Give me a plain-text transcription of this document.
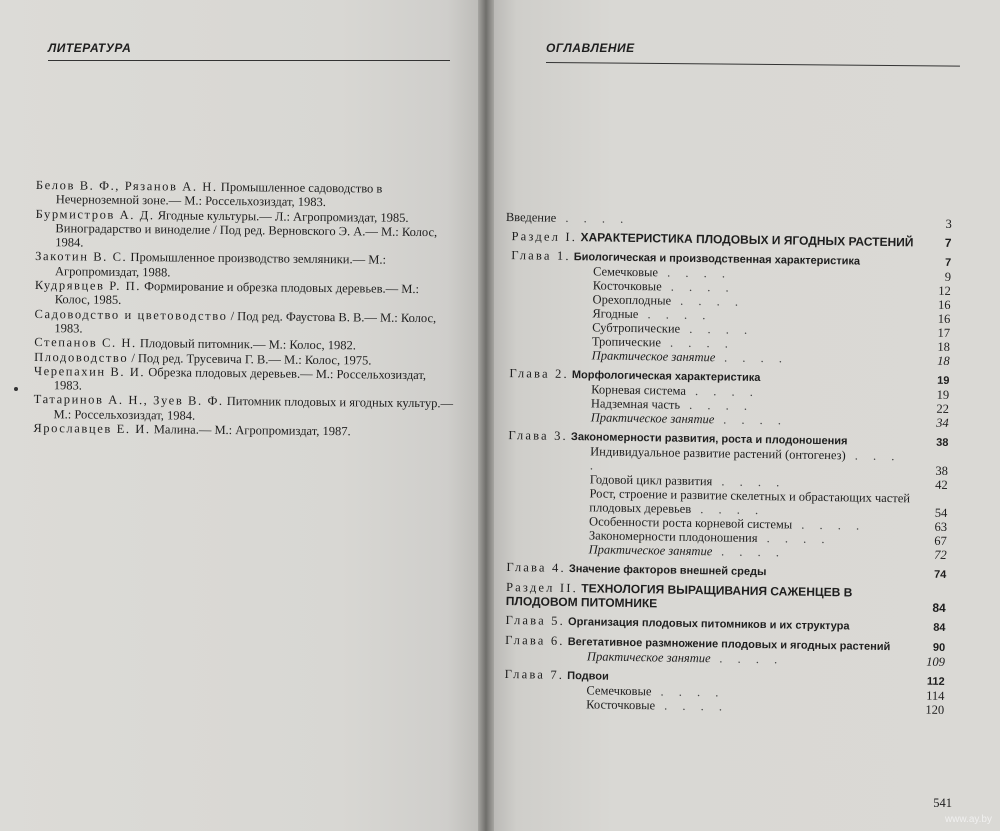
ЛИТЕРАТУРА
Белов В. Ф., Рязанов А. Н. Промышленное садоводство в Нечерноземной зоне.— М.: Россельхозиздат, 1983.
Бурмистров А. Д. Ягодные культуры.— Л.: Агропромиздат, 1985. Виноградарство и виноделие / Под ред. Верновского Э. А.— М.: Колос, 1984.
Закотин В. С. Промышленное производство земляники.— М.: Агропромиздат, 1988.
Кудрявцев Р. П. Формирование и обрезка плодовых деревьев.— М.: Колос, 1985.
Садоводство и цветоводство / Под ред. Фаустова В. В.— М.: Колос, 1983.
Степанов С. Н. Плодовый питомник.— М.: Колос, 1982.
Плодоводство / Под ред. Трусевича Г. В.— М.: Колос, 1975.
Черепахин В. И. Обрезка плодовых деревьев.— М.: Россельхозиздат, 1983.
Татаринов А. Н., Зуев В. Ф. Питомник плодовых и ягодных культур.— М.: Россельхозиздат, 1984.
Ярославцев Е. И. Малина.— М.: Агропромиздат, 1987.
ОГЛАВЛЕНИЕ
Введение . . . .	3
Раздел I. ХАРАКТЕРИСТИКА ПЛОДОВЫХ И ЯГОДНЫХ РАСТЕНИЙ	7
Глава 1. Биологическая и производственная характеристика	7
Семечковые . . . .	9
Косточковые . . . .	12
Орехоплодные . . . .	16
Ягодные . . . .	16
Субтропические . . . .	17
Тропические . . . .	18
Практическое занятие . . . .	18
Глава 2. Морфологическая характеристика	19
Корневая система . . . .	19
Надземная часть . . . .	22
Практическое занятие . . . .	34
Глава 3. Закономерности развития, роста и плодоношения	38
Индивидуальное развитие растений (онтогенез) . . . .	38
Годовой цикл развития . . . .	42
Рост, строение и развитие скелетных и обрастающих частей плодовых деревьев . . . .	54
Особенности роста корневой системы . . . .	63
Закономерности плодоношения . . . .	67
Практическое занятие . . . .	72
Глава 4. Значение факторов внешней среды	74
Раздел II. ТЕХНОЛОГИЯ ВЫРАЩИВАНИЯ САЖЕНЦЕВ В ПЛОДОВОМ ПИТОМНИКЕ	84
Глава 5. Организация плодовых питомников и их структура	84
Глава 6. Вегетативное размножение плодовых и ягодных растений	90
Практическое занятие . . . .	109
Глава 7. Подвои	112
Семечковые . . . .	114
Косточковые . . . .	120
541
www.ay.by
